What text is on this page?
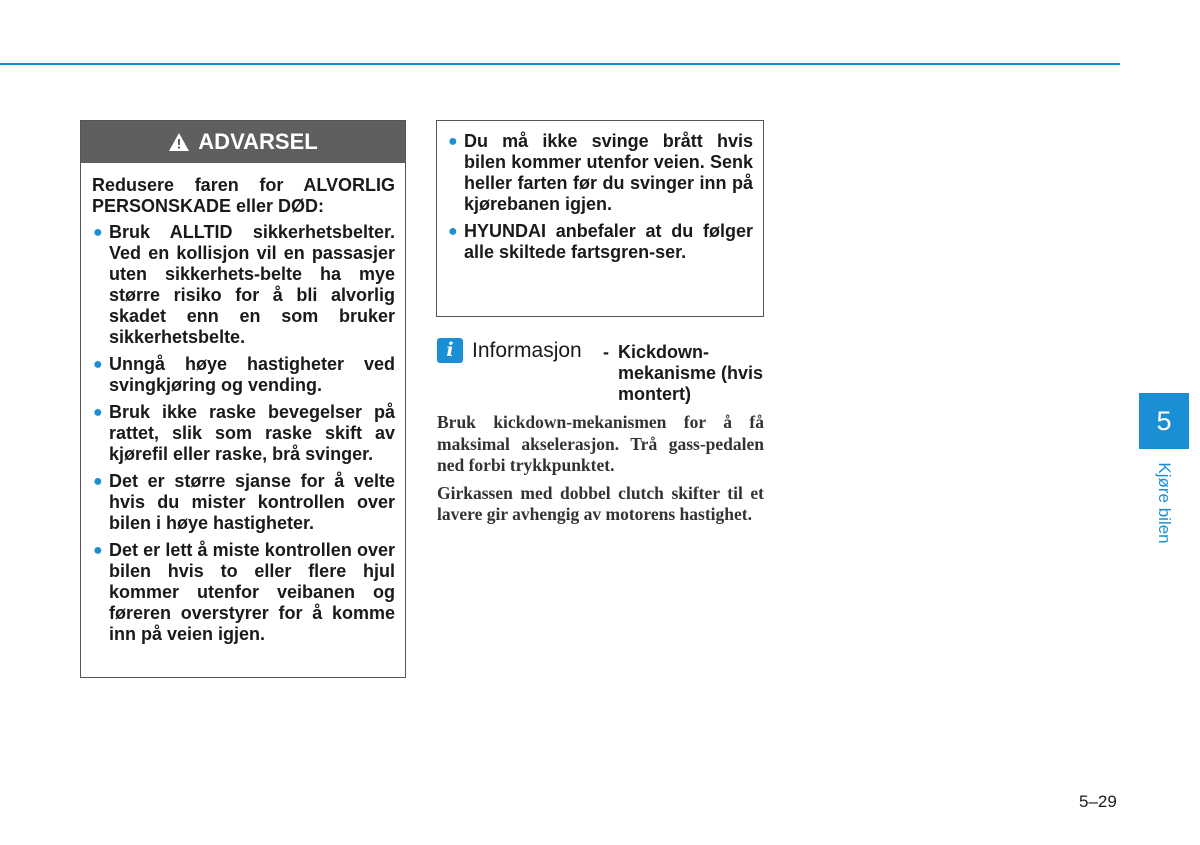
ADVARSEL

Redusere faren for ALVORLIG PERSONSKADE eller DØD:

● Bruk ALLTID sikkerhetsbelter. Ved en kollisjon vil en passasjer uten sikkerhets-belte ha mye større risiko for å bli alvorlig skadet enn en som bruker sikkerhetsbelte.
● Unngå høye hastigheter ved svingkjøring og vending.
● Bruk ikke raske bevegelser på rattet, slik som raske skift av kjørefil eller raske, brå svinger.
● Det er større sjanse for å velte hvis du mister kontrollen over bilen i høye hastigheter.
● Det er lett å miste kontrollen over bilen hvis to eller flere hjul kommer utenfor veibanen og føreren overstyrer for å komme inn på veien igjen.
● Du må ikke svinge brått hvis bilen kommer utenfor veien. Senk heller farten før du svinger inn på kjørebanen igjen.
● HYUNDAI anbefaler at du følger alle skiltede fartsgren-ser.
i Informasjon - Kickdown-mekanisme (hvis montert)

Bruk kickdown-mekanismen for å få maksimal akselerasjon. Trå gass-pedalen ned forbi trykkpunktet.

Girkassen med dobbel clutch skifter til et lavere gir avhengig av motorens hastighet.

5
Kjøre bilen
5–29
